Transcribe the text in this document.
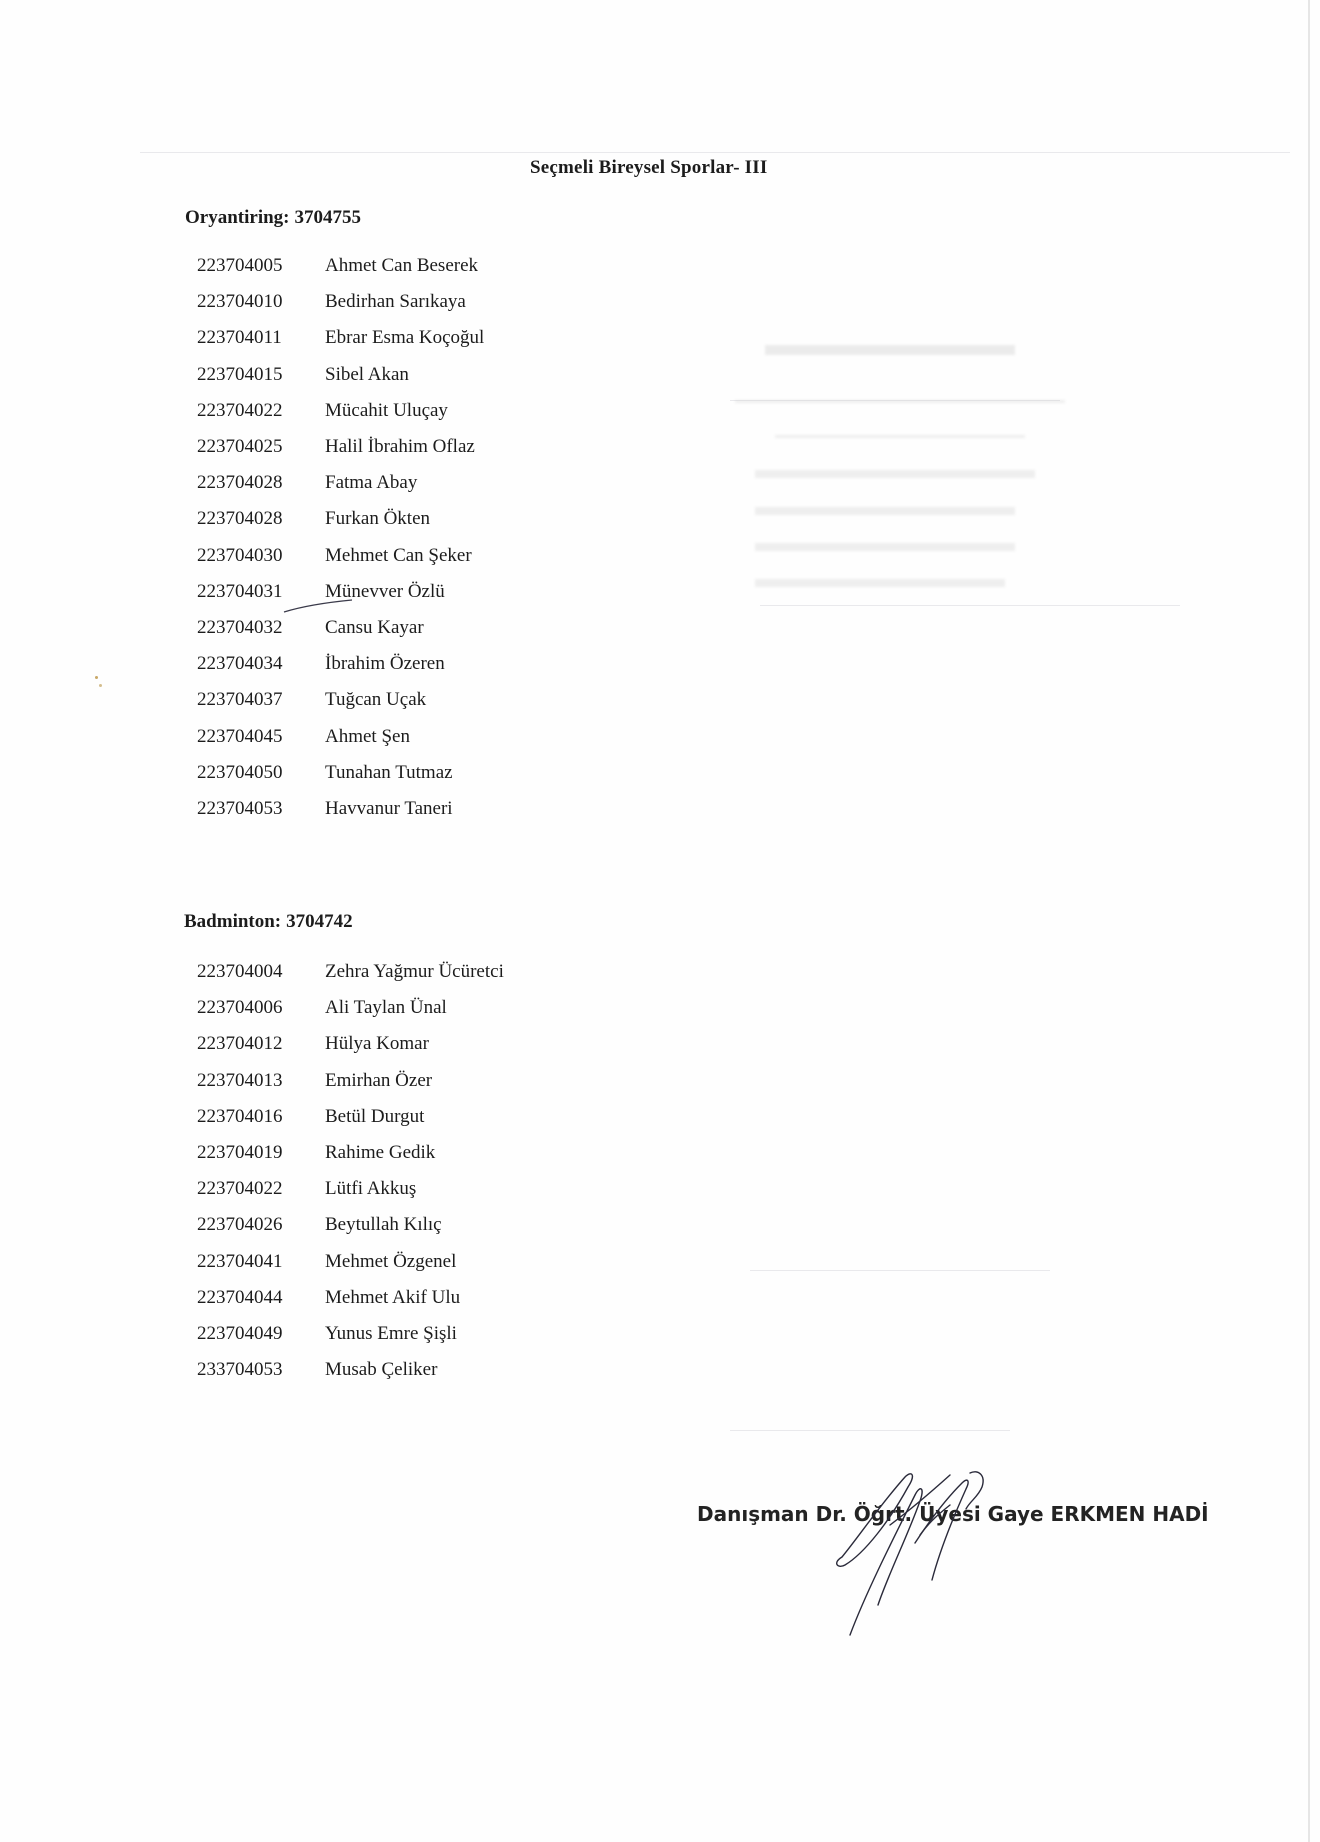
Seçmeli Bireysel Sporlar- III
Oryantiring: 3704755
223704005	Ahmet Can Beserek
223704010	Bedirhan Sarıkaya
223704011	Ebrar Esma Koçoğul
223704015	Sibel Akan
223704022	Mücahit Uluçay
223704025	Halil İbrahim Oflaz
223704028	Fatma Abay
223704028	Furkan Ökten
223704030	Mehmet Can Şeker
223704031	Münevver Özlü
223704032	Cansu Kayar
223704034	İbrahim Özeren
223704037	Tuğcan Uçak
223704045	Ahmet Şen
223704050	Tunahan Tutmaz
223704053	Havvanur Taneri
Badminton: 3704742
223704004	Zehra Yağmur Ücüretci
223704006	Ali Taylan Ünal
223704012	Hülya Komar
223704013	Emirhan Özer
223704016	Betül Durgut
223704019	Rahime Gedik
223704022	Lütfi Akkuş
223704026	Beytullah Kılıç
223704041	Mehmet Özgenel
223704044	Mehmet Akif Ulu
223704049	Yunus Emre Şişli
233704053	Musab Çeliker
Danışman Dr. Öğrt. Üyesi Gaye ERKMEN HADİ
